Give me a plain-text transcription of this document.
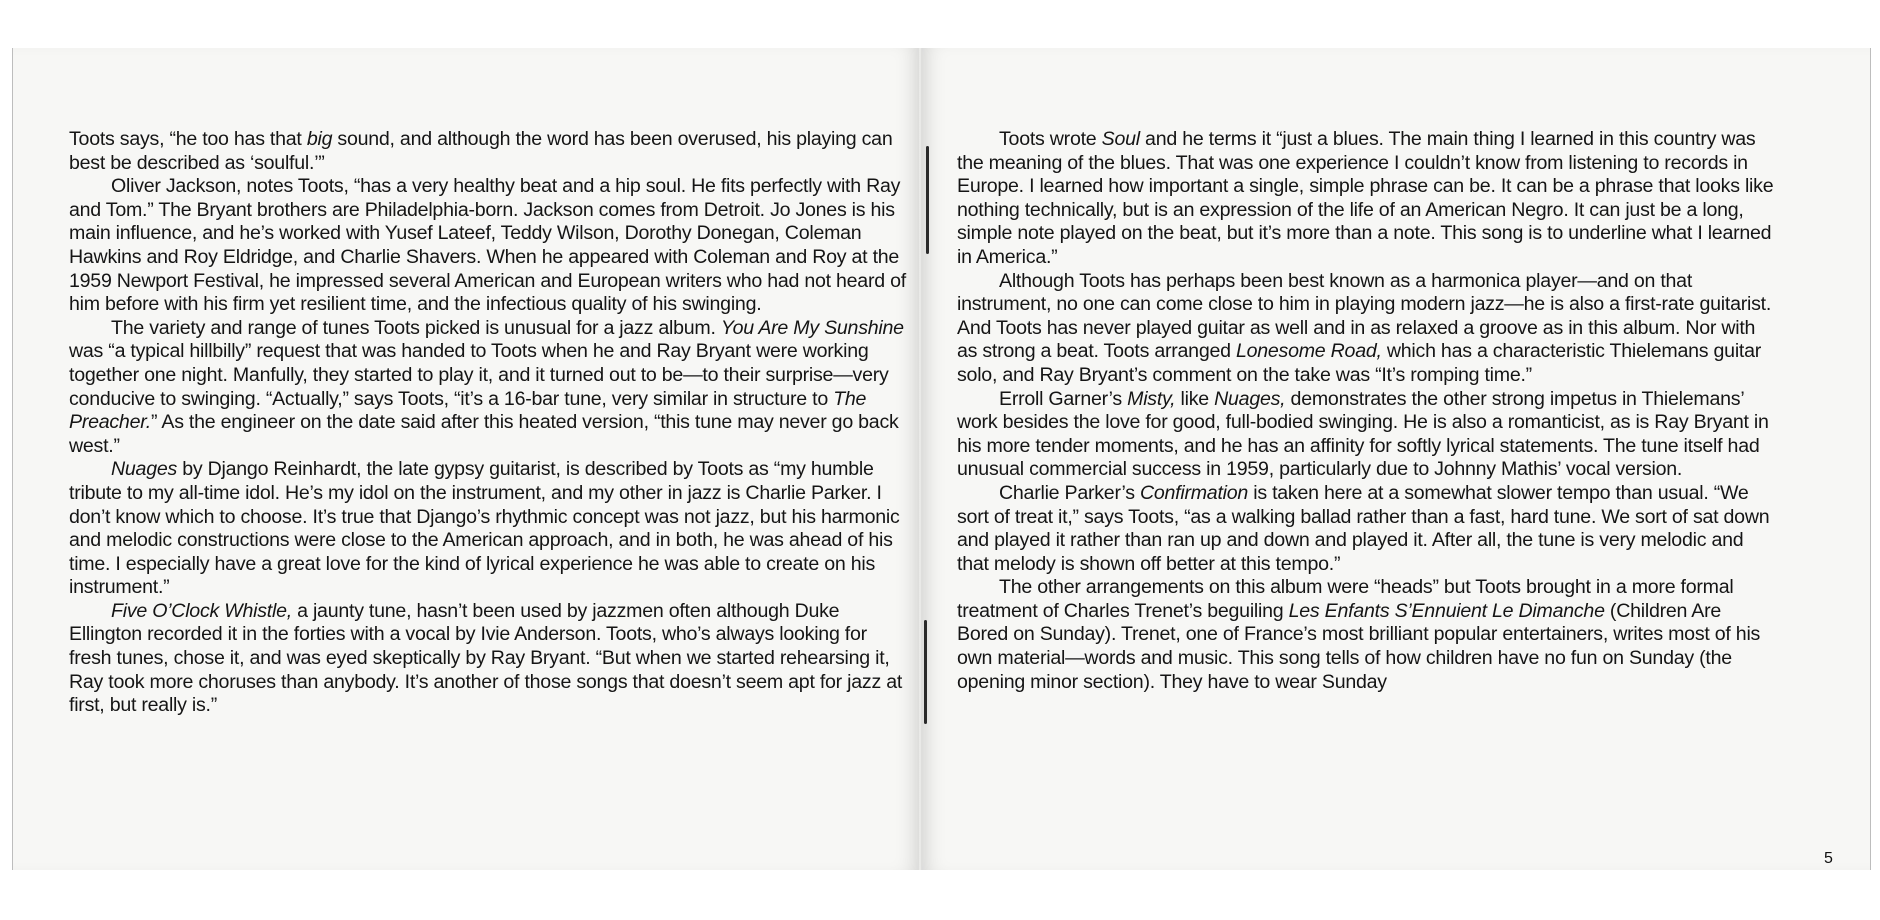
Toots says, “he too has that big sound, and although the word has been overused, his playing can best be described as ‘soulful.’”

Oliver Jackson, notes Toots, “has a very healthy beat and a hip soul. He fits perfectly with Ray and Tom.” The Bryant brothers are Philadelphia-born. Jackson comes from Detroit. Jo Jones is his main influence, and he’s worked with Yusef Lateef, Teddy Wilson, Dorothy Donegan, Coleman Hawkins and Roy Eldridge, and Charlie Shavers. When he appeared with Coleman and Roy at the 1959 Newport Festival, he impressed several American and European writers who had not heard of him before with his firm yet resilient time, and the infectious quality of his swinging.

The variety and range of tunes Toots picked is unusual for a jazz album. You Are My Sunshine was “a typical hillbilly” request that was handed to Toots when he and Ray Bryant were working together one night. Manfully, they started to play it, and it turned out to be—to their surprise—very conducive to swinging. “Actually,” says Toots, “it’s a 16-bar tune, very similar in structure to The Preacher.” As the engineer on the date said after this heated version, “this tune may never go back west.”

Nuages by Django Reinhardt, the late gypsy guitarist, is described by Toots as “my humble tribute to my all-time idol. He’s my idol on the instrument, and my other in jazz is Charlie Parker. I don’t know which to choose. It’s true that Django’s rhythmic concept was not jazz, but his harmonic and melodic constructions were close to the American approach, and in both, he was ahead of his time. I especially have a great love for the kind of lyrical experience he was able to create on his instrument.”

Five O’Clock Whistle, a jaunty tune, hasn’t been used by jazzmen often although Duke Ellington recorded it in the forties with a vocal by Ivie Anderson. Toots, who’s always looking for fresh tunes, chose it, and was eyed skeptically by Ray Bryant. “But when we started rehearsing it, Ray took more choruses than anybody. It’s another of those songs that doesn’t seem apt for jazz at first, but really is.”

Toots wrote Soul and he terms it “just a blues. The main thing I learned in this country was the meaning of the blues. That was one experience I couldn’t know from listening to records in Europe. I learned how important a single, simple phrase can be. It can be a phrase that looks like nothing technically, but is an expression of the life of an American Negro. It can just be a long, simple note played on the beat, but it’s more than a note. This song is to underline what I learned in America.”

Although Toots has perhaps been best known as a harmonica player—and on that instrument, no one can come close to him in playing modern jazz—he is also a first-rate guitarist. And Toots has never played guitar as well and in as relaxed a groove as in this album. Nor with as strong a beat. Toots arranged Lonesome Road, which has a characteristic Thielemans guitar solo, and Ray Bryant’s comment on the take was “It’s romping time.”

Erroll Garner’s Misty, like Nuages, demonstrates the other strong impetus in Thielemans’ work besides the love for good, full-bodied swinging. He is also a romanticist, as is Ray Bryant in his more tender moments, and he has an affinity for softly lyrical statements. The tune itself had unusual commercial success in 1959, particularly due to Johnny Mathis’ vocal version.

Charlie Parker’s Confirmation is taken here at a somewhat slower tempo than usual. “We sort of treat it,” says Toots, “as a walking ballad rather than a fast, hard tune. We sort of sat down and played it rather than ran up and down and played it. After all, the tune is very melodic and that melody is shown off better at this tempo.”

The other arrangements on this album were “heads” but Toots brought in a more formal treatment of Charles Trenet’s beguiling Les Enfants S’Ennuient Le Dimanche (Children Are Bored on Sunday). Trenet, one of France’s most brilliant popular entertainers, writes most of his own material—words and music. This song tells of how children have no fun on Sunday (the opening minor section). They have to wear Sunday

5
